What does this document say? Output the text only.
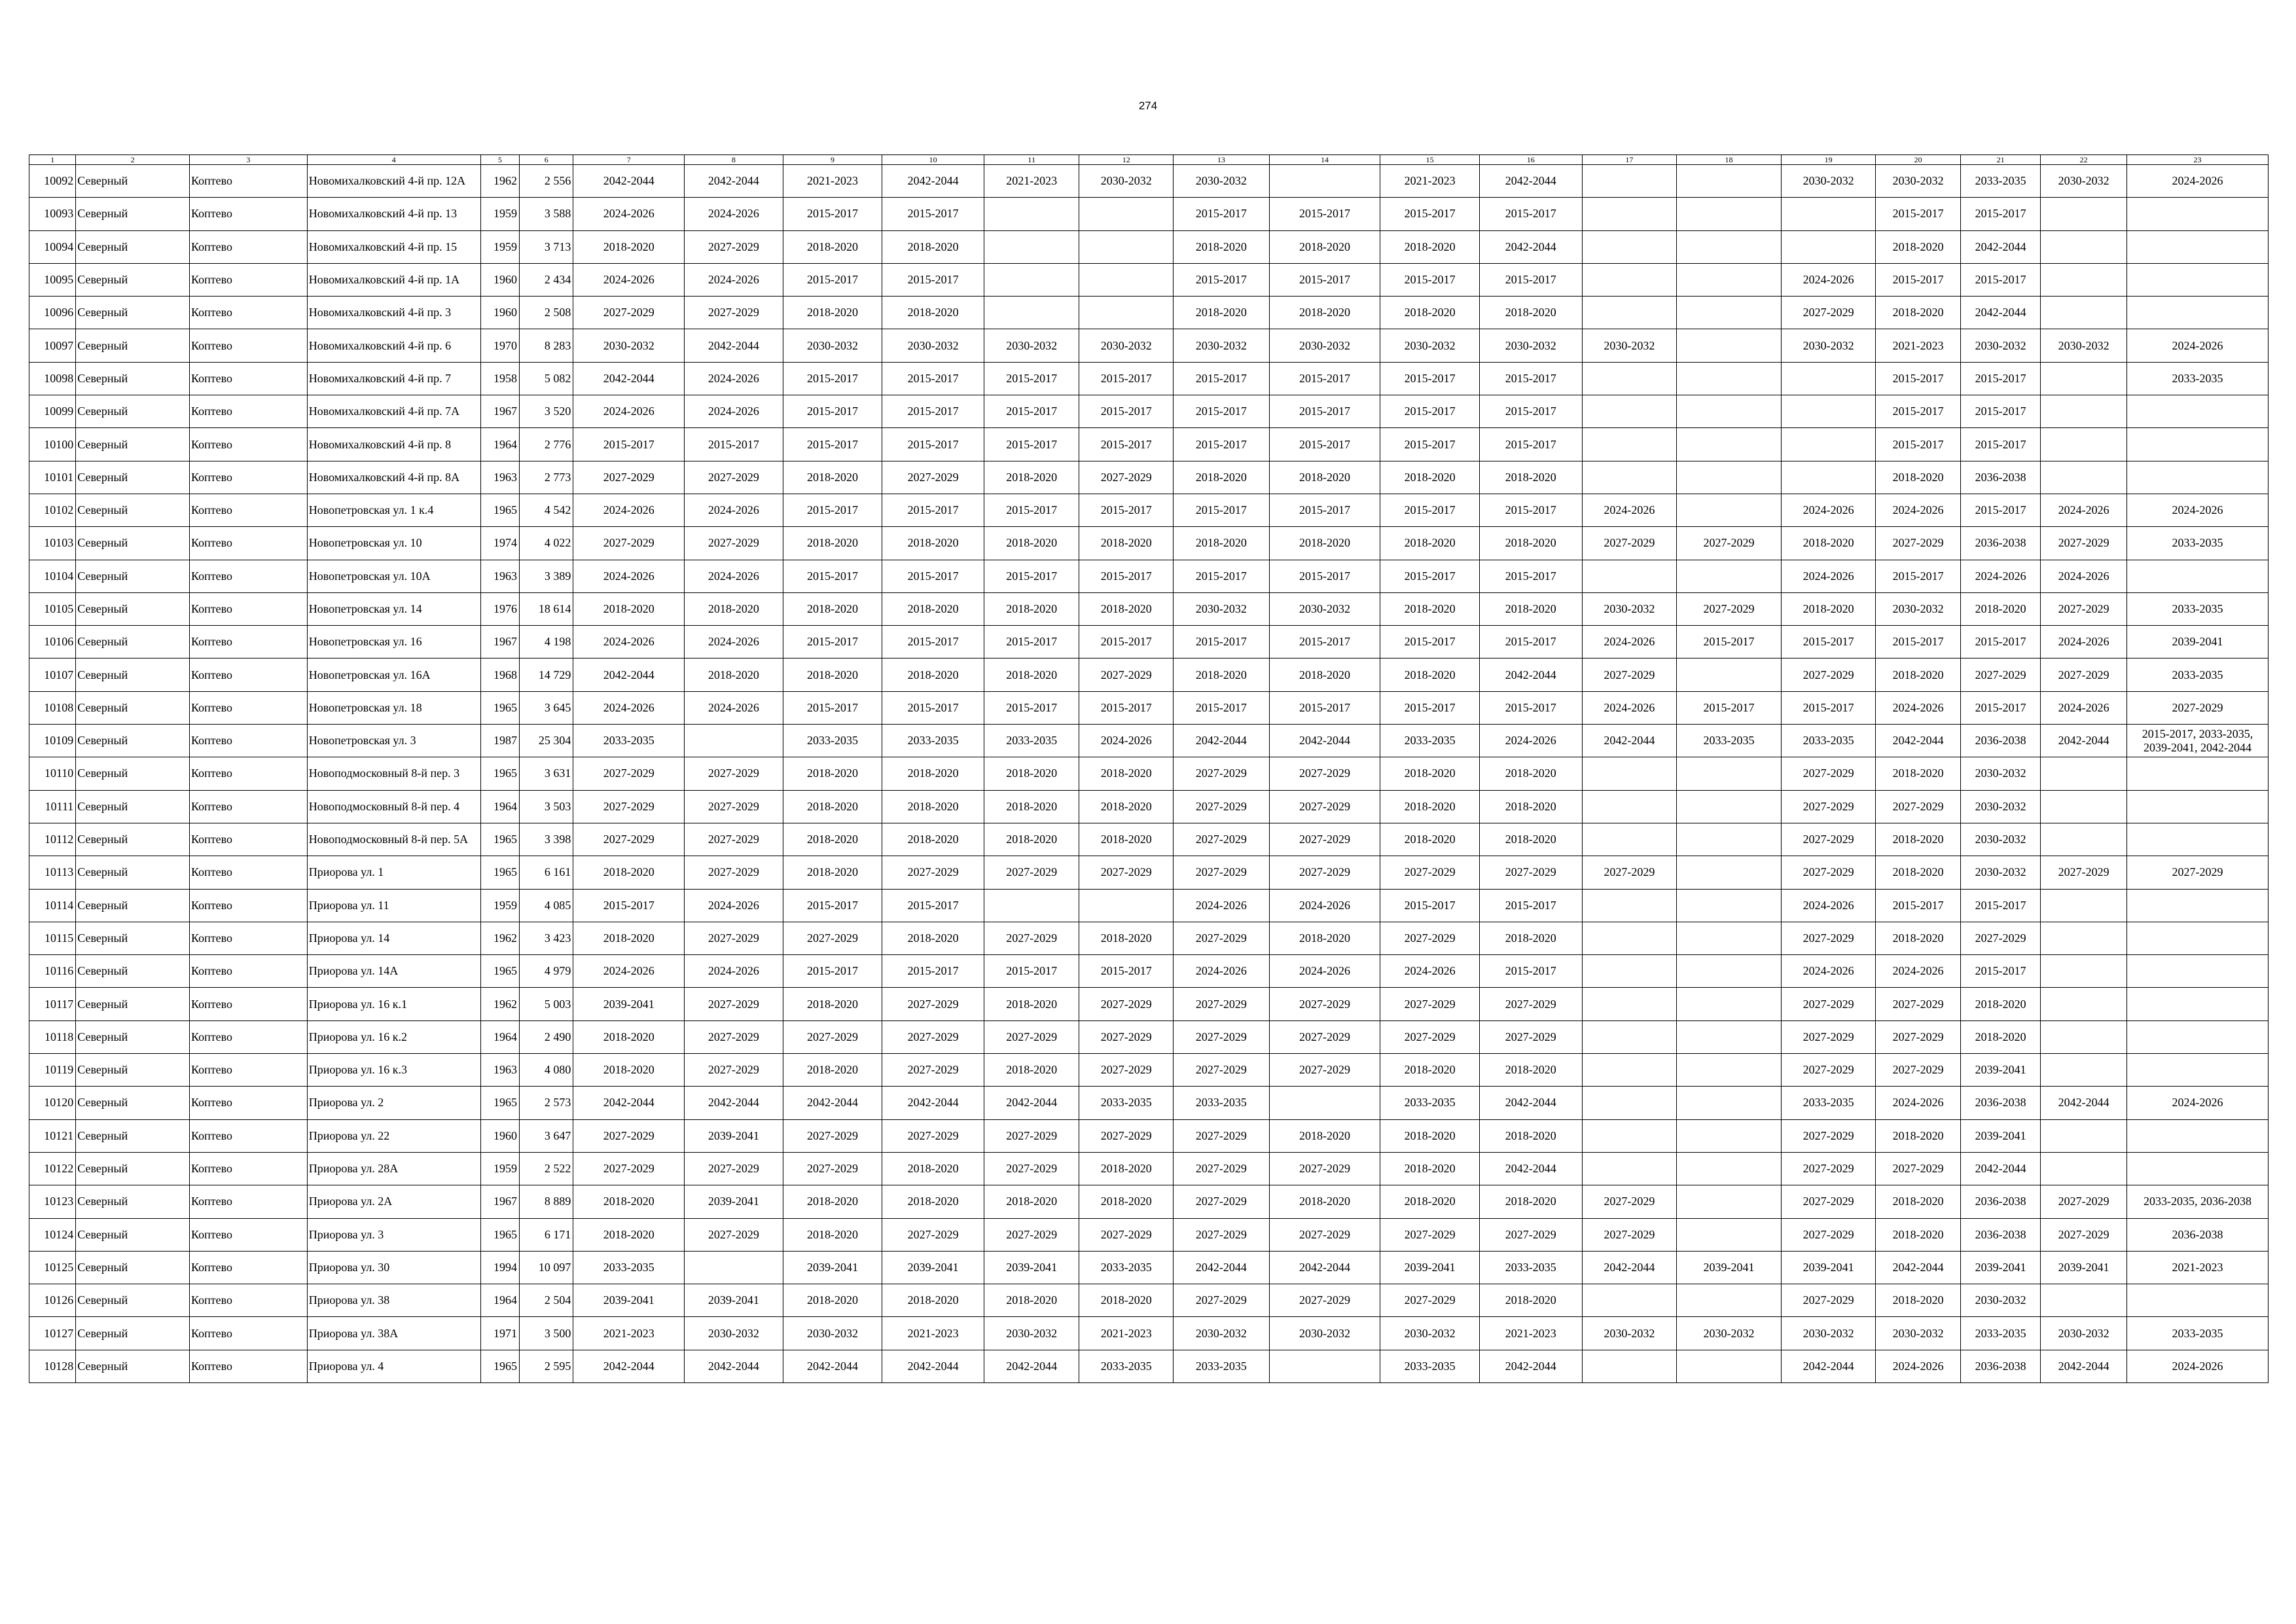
274
1	2	3	4	5	6	7	8	9	10	11	12	13	14	15	16	17	18	19	20	21	22	23
10092	Северный	Коптево	Новомихалковский 4-й пр. 12А	1962	2 556	2042-2044	2042-2044	2021-2023	2042-2044	2021-2023	2030-2032	2030-2032		2021-2023	2042-2044			2030-2032	2030-2032	2033-2035	2030-2032	2024-2026
10093	Северный	Коптево	Новомихалковский 4-й пр. 13	1959	3 588	2024-2026	2024-2026	2015-2017	2015-2017			2015-2017	2015-2017	2015-2017	2015-2017				2015-2017	2015-2017		
10094	Северный	Коптево	Новомихалковский 4-й пр. 15	1959	3 713	2018-2020	2027-2029	2018-2020	2018-2020			2018-2020	2018-2020	2018-2020	2042-2044				2018-2020	2042-2044		
10095	Северный	Коптево	Новомихалковский 4-й пр. 1А	1960	2 434	2024-2026	2024-2026	2015-2017	2015-2017			2015-2017	2015-2017	2015-2017	2015-2017			2024-2026	2015-2017	2015-2017		
10096	Северный	Коптево	Новомихалковский 4-й пр. 3	1960	2 508	2027-2029	2027-2029	2018-2020	2018-2020			2018-2020	2018-2020	2018-2020	2018-2020			2027-2029	2018-2020	2042-2044		
10097	Северный	Коптево	Новомихалковский 4-й пр. 6	1970	8 283	2030-2032	2042-2044	2030-2032	2030-2032	2030-2032	2030-2032	2030-2032	2030-2032	2030-2032	2030-2032	2030-2032		2030-2032	2021-2023	2030-2032	2030-2032	2024-2026
10098	Северный	Коптево	Новомихалковский 4-й пр. 7	1958	5 082	2042-2044	2024-2026	2015-2017	2015-2017	2015-2017	2015-2017	2015-2017	2015-2017	2015-2017	2015-2017				2015-2017	2015-2017		2033-2035
10099	Северный	Коптево	Новомихалковский 4-й пр. 7А	1967	3 520	2024-2026	2024-2026	2015-2017	2015-2017	2015-2017	2015-2017	2015-2017	2015-2017	2015-2017	2015-2017				2015-2017	2015-2017		
10100	Северный	Коптево	Новомихалковский 4-й пр. 8	1964	2 776	2015-2017	2015-2017	2015-2017	2015-2017	2015-2017	2015-2017	2015-2017	2015-2017	2015-2017	2015-2017				2015-2017	2015-2017		
10101	Северный	Коптево	Новомихалковский 4-й пр. 8А	1963	2 773	2027-2029	2027-2029	2018-2020	2027-2029	2018-2020	2027-2029	2018-2020	2018-2020	2018-2020	2018-2020				2018-2020	2036-2038		
10102	Северный	Коптево	Новопетровская ул. 1 к.4	1965	4 542	2024-2026	2024-2026	2015-2017	2015-2017	2015-2017	2015-2017	2015-2017	2015-2017	2015-2017	2015-2017	2024-2026		2024-2026	2024-2026	2015-2017	2024-2026	2024-2026
10103	Северный	Коптево	Новопетровская ул. 10	1974	4 022	2027-2029	2027-2029	2018-2020	2018-2020	2018-2020	2018-2020	2018-2020	2018-2020	2018-2020	2018-2020	2027-2029	2027-2029	2018-2020	2027-2029	2036-2038	2027-2029	2033-2035
10104	Северный	Коптево	Новопетровская ул. 10А	1963	3 389	2024-2026	2024-2026	2015-2017	2015-2017	2015-2017	2015-2017	2015-2017	2015-2017	2015-2017	2015-2017			2024-2026	2015-2017	2024-2026	2024-2026	
10105	Северный	Коптево	Новопетровская ул. 14	1976	18 614	2018-2020	2018-2020	2018-2020	2018-2020	2018-2020	2018-2020	2030-2032	2030-2032	2018-2020	2018-2020	2030-2032	2027-2029	2018-2020	2030-2032	2018-2020	2027-2029	2033-2035
10106	Северный	Коптево	Новопетровская ул. 16	1967	4 198	2024-2026	2024-2026	2015-2017	2015-2017	2015-2017	2015-2017	2015-2017	2015-2017	2015-2017	2015-2017	2024-2026	2015-2017	2015-2017	2015-2017	2015-2017	2024-2026	2039-2041
10107	Северный	Коптево	Новопетровская ул. 16А	1968	14 729	2042-2044	2018-2020	2018-2020	2018-2020	2018-2020	2027-2029	2018-2020	2018-2020	2018-2020	2042-2044	2027-2029		2027-2029	2018-2020	2027-2029	2027-2029	2033-2035
10108	Северный	Коптево	Новопетровская ул. 18	1965	3 645	2024-2026	2024-2026	2015-2017	2015-2017	2015-2017	2015-2017	2015-2017	2015-2017	2015-2017	2015-2017	2024-2026	2015-2017	2015-2017	2024-2026	2015-2017	2024-2026	2027-2029
10109	Северный	Коптево	Новопетровская ул. 3	1987	25 304	2033-2035		2033-2035	2033-2035	2033-2035	2024-2026	2042-2044	2042-2044	2033-2035	2024-2026	2042-2044	2033-2035	2033-2035	2042-2044	2036-2038	2042-2044	2015-2017, 2033-2035, 2039-2041, 2042-2044
10110	Северный	Коптево	Новоподмосковный 8-й пер. 3	1965	3 631	2027-2029	2027-2029	2018-2020	2018-2020	2018-2020	2018-2020	2027-2029	2027-2029	2018-2020	2018-2020			2027-2029	2018-2020	2030-2032		
10111	Северный	Коптево	Новоподмосковный 8-й пер. 4	1964	3 503	2027-2029	2027-2029	2018-2020	2018-2020	2018-2020	2018-2020	2027-2029	2027-2029	2018-2020	2018-2020			2027-2029	2027-2029	2030-2032		
10112	Северный	Коптево	Новоподмосковный 8-й пер. 5А	1965	3 398	2027-2029	2027-2029	2018-2020	2018-2020	2018-2020	2018-2020	2027-2029	2027-2029	2018-2020	2018-2020			2027-2029	2018-2020	2030-2032		
10113	Северный	Коптево	Приорова ул. 1	1965	6 161	2018-2020	2027-2029	2018-2020	2027-2029	2027-2029	2027-2029	2027-2029	2027-2029	2027-2029	2027-2029	2027-2029		2027-2029	2018-2020	2030-2032	2027-2029	2027-2029
10114	Северный	Коптево	Приорова ул. 11	1959	4 085	2015-2017	2024-2026	2015-2017	2015-2017			2024-2026	2024-2026	2015-2017	2015-2017			2024-2026	2015-2017	2015-2017		
10115	Северный	Коптево	Приорова ул. 14	1962	3 423	2018-2020	2027-2029	2027-2029	2018-2020	2027-2029	2018-2020	2027-2029	2018-2020	2027-2029	2018-2020			2027-2029	2018-2020	2027-2029		
10116	Северный	Коптево	Приорова ул. 14А	1965	4 979	2024-2026	2024-2026	2015-2017	2015-2017	2015-2017	2015-2017	2024-2026	2024-2026	2024-2026	2015-2017			2024-2026	2024-2026	2015-2017		
10117	Северный	Коптево	Приорова ул. 16 к.1	1962	5 003	2039-2041	2027-2029	2018-2020	2027-2029	2018-2020	2027-2029	2027-2029	2027-2029	2027-2029	2027-2029			2027-2029	2027-2029	2018-2020		
10118	Северный	Коптево	Приорова ул. 16 к.2	1964	2 490	2018-2020	2027-2029	2027-2029	2027-2029	2027-2029	2027-2029	2027-2029	2027-2029	2027-2029	2027-2029			2027-2029	2027-2029	2018-2020		
10119	Северный	Коптево	Приорова ул. 16 к.3	1963	4 080	2018-2020	2027-2029	2018-2020	2027-2029	2018-2020	2027-2029	2027-2029	2027-2029	2018-2020	2018-2020			2027-2029	2027-2029	2039-2041		
10120	Северный	Коптево	Приорова ул. 2	1965	2 573	2042-2044	2042-2044	2042-2044	2042-2044	2042-2044	2033-2035	2033-2035		2033-2035	2042-2044			2033-2035	2024-2026	2036-2038	2042-2044	2024-2026
10121	Северный	Коптево	Приорова ул. 22	1960	3 647	2027-2029	2039-2041	2027-2029	2027-2029	2027-2029	2027-2029	2027-2029	2018-2020	2018-2020	2018-2020			2027-2029	2018-2020	2039-2041		
10122	Северный	Коптево	Приорова ул. 28А	1959	2 522	2027-2029	2027-2029	2027-2029	2018-2020	2027-2029	2018-2020	2027-2029	2027-2029	2018-2020	2042-2044			2027-2029	2027-2029	2042-2044		
10123	Северный	Коптево	Приорова ул. 2А	1967	8 889	2018-2020	2039-2041	2018-2020	2018-2020	2018-2020	2018-2020	2027-2029	2018-2020	2018-2020	2018-2020	2027-2029		2027-2029	2018-2020	2036-2038	2027-2029	2033-2035, 2036-2038
10124	Северный	Коптево	Приорова ул. 3	1965	6 171	2018-2020	2027-2029	2018-2020	2027-2029	2027-2029	2027-2029	2027-2029	2027-2029	2027-2029	2027-2029	2027-2029		2027-2029	2018-2020	2036-2038	2027-2029	2036-2038
10125	Северный	Коптево	Приорова ул. 30	1994	10 097	2033-2035		2039-2041	2039-2041	2039-2041	2033-2035	2042-2044	2042-2044	2039-2041	2033-2035	2042-2044	2039-2041	2039-2041	2042-2044	2039-2041	2039-2041	2021-2023
10126	Северный	Коптево	Приорова ул. 38	1964	2 504	2039-2041	2039-2041	2018-2020	2018-2020	2018-2020	2018-2020	2027-2029	2027-2029	2027-2029	2018-2020			2027-2029	2018-2020	2030-2032		
10127	Северный	Коптево	Приорова ул. 38А	1971	3 500	2021-2023	2030-2032	2030-2032	2021-2023	2030-2032	2021-2023	2030-2032	2030-2032	2030-2032	2021-2023	2030-2032	2030-2032	2030-2032	2030-2032	2033-2035	2030-2032	2033-2035
10128	Северный	Коптево	Приорова ул. 4	1965	2 595	2042-2044	2042-2044	2042-2044	2042-2044	2042-2044	2033-2035	2033-2035		2033-2035	2042-2044			2042-2044	2024-2026	2036-2038	2042-2044	2024-2026
